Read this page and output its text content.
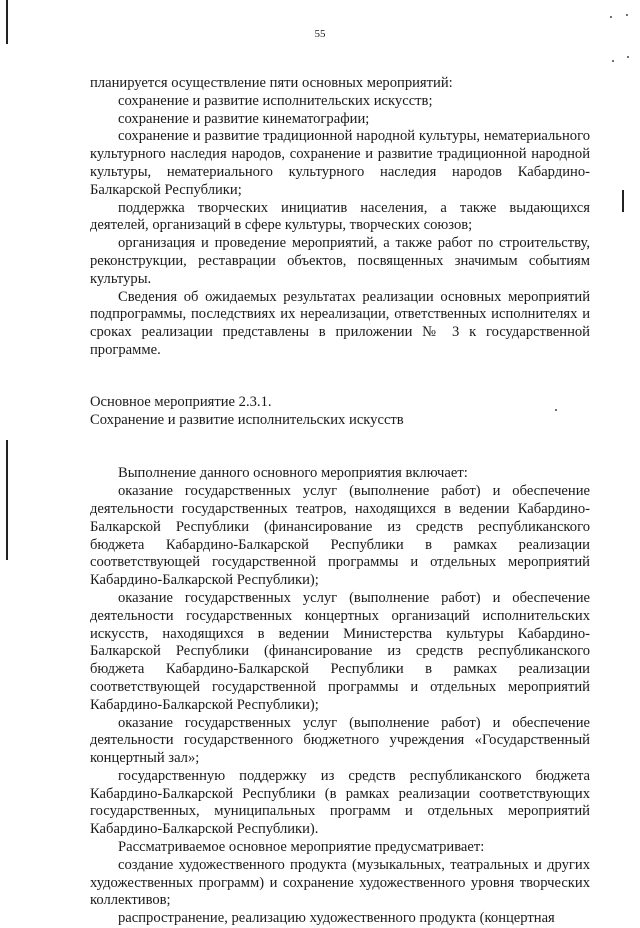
55

планируется осуществление пяти основных мероприятий:

сохранение и развитие исполнительских искусств;

сохранение и развитие кинематографии;

сохранение и развитие традиционной народной культуры, нематериального культурного наследия народов, сохранение и развитие традиционной народной культуры, нематериального культурного наследия народов Кабардино-Балкарской Республики;

поддержка творческих инициатив населения, а также выдающихся деятелей, организаций в сфере культуры, творческих союзов;

организация и проведение мероприятий, а также работ по строительству, реконструкции, реставрации объектов, посвященных значимым событиям культуры.

Сведения об ожидаемых результатах реализации основных мероприятий подпрограммы, последствиях их нереализации, ответственных исполнителях и сроках реализации представлены в приложении № 3 к государственной программе.

Основное мероприятие 2.3.1.

Сохранение и развитие исполнительских искусств

Выполнение данного основного мероприятия включает:

оказание государственных услуг (выполнение работ) и обеспечение деятельности государственных театров, находящихся в ведении Кабардино-Балкарской Республики (финансирование из средств республиканского бюджета Кабардино-Балкарской Республики в рамках реализации соответствующей государственной программы и отдельных мероприятий Кабардино-Балкарской Республики);

оказание государственных услуг (выполнение работ) и обеспечение деятельности государственных концертных организаций исполнительских искусств, находящихся в ведении Министерства культуры Кабардино-Балкарской Республики (финансирование из средств республиканского бюджета Кабардино-Балкарской Республики в рамках реализации соответствующей государственной программы и отдельных мероприятий Кабардино-Балкарской Республики);

оказание государственных услуг (выполнение работ) и обеспечение деятельности государственного бюджетного учреждения «Государственный концертный зал»;

государственную поддержку из средств республиканского бюджета Кабардино-Балкарской Республики (в рамках реализации соответствующих государственных, муниципальных программ и отдельных мероприятий Кабардино-Балкарской Республики).

Рассматриваемое основное мероприятие предусматривает:

создание художественного продукта (музыкальных, театральных и других художественных программ) и сохранение художественного уровня творческих коллективов;

распространение, реализацию художественного продукта (концертная
